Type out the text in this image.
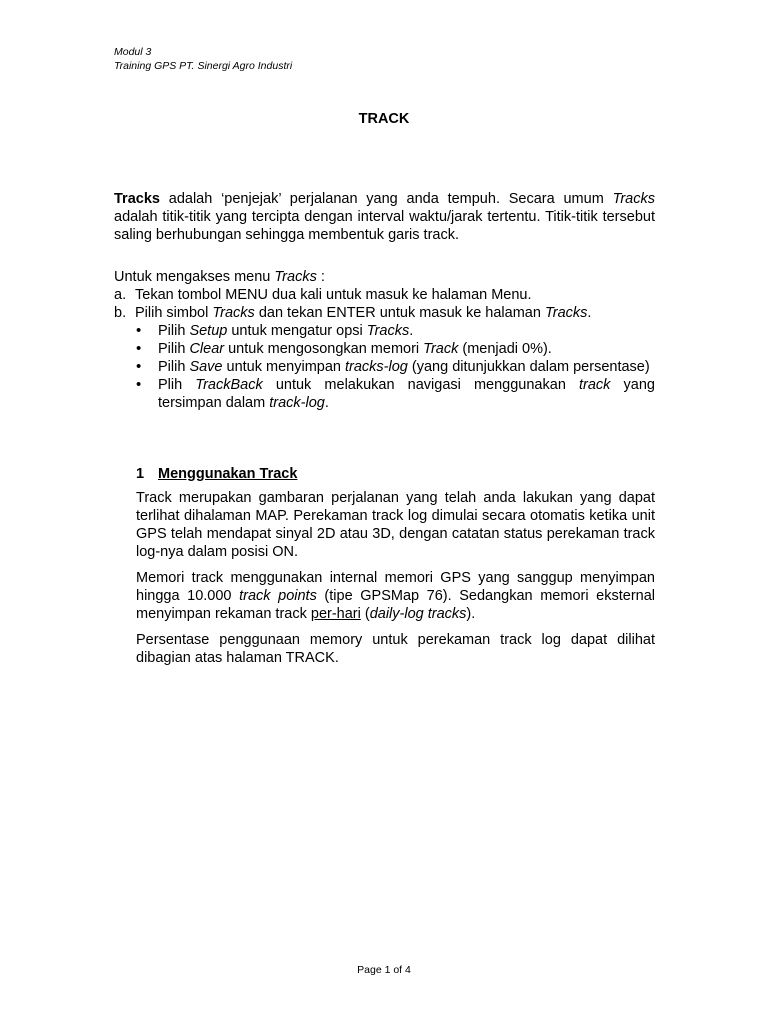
Modul 3
Training GPS PT. Sinergi Agro Industri
TRACK
Tracks adalah ‘penjejak’ perjalanan yang anda tempuh. Secara umum Tracks adalah titik-titik yang tercipta dengan interval waktu/jarak tertentu. Titik-titik tersebut saling berhubungan sehingga membentuk garis track.
Untuk mengakses menu Tracks :
a. Tekan tombol MENU dua kali untuk masuk ke halaman Menu.
b. Pilih simbol Tracks dan tekan ENTER untuk masuk ke halaman Tracks.
•	Pilih Setup untuk mengatur opsi Tracks.
•	Pilih Clear untuk mengosongkan memori Track (menjadi 0%).
•	Pilih Save untuk menyimpan tracks-log (yang ditunjukkan dalam persentase)
•	Plih TrackBack untuk melakukan navigasi menggunakan track yang tersimpan dalam track-log.
1 Menggunakan Track
Track merupakan gambaran perjalanan yang telah anda lakukan yang dapat terlihat dihalaman MAP. Perekaman track log dimulai secara otomatis ketika unit GPS telah mendapat sinyal 2D atau 3D, dengan catatan status perekaman track log-nya dalam posisi ON.
Memori track menggunakan internal memori GPS yang sanggup menyimpan hingga 10.000 track points (tipe GPSMap 76). Sedangkan memori eksternal menyimpan rekaman track per-hari (daily-log tracks).
Persentase penggunaan memory untuk perekaman track log dapat dilihat dibagian atas halaman TRACK.
Page 1 of 4
